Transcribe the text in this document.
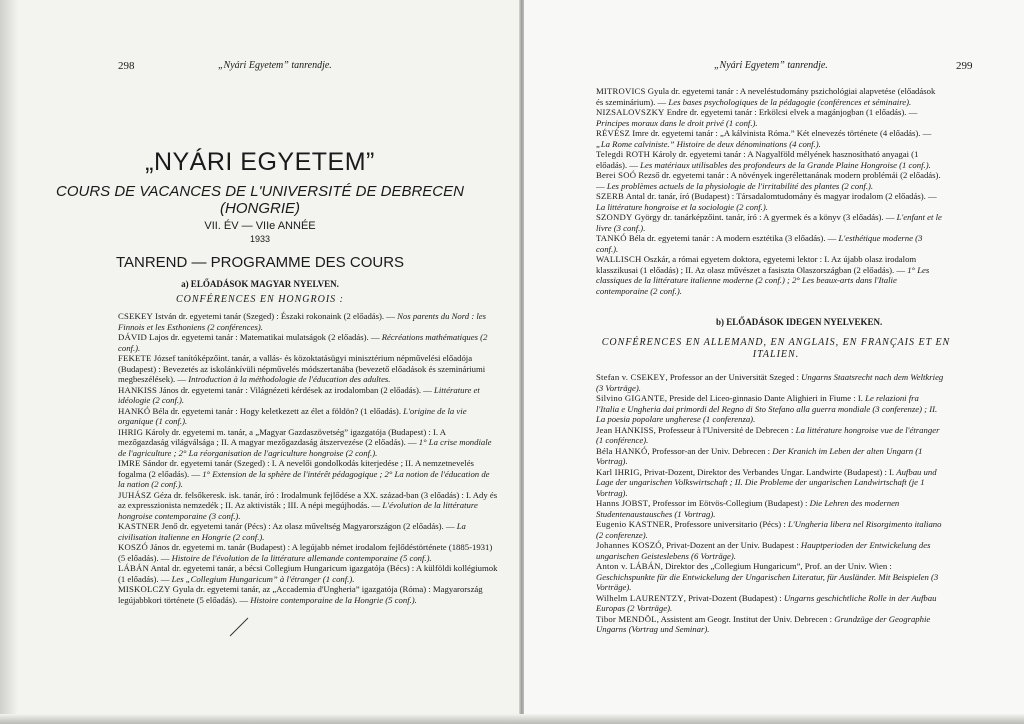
298	„Nyári Egyetem” tanrendje.
„NYÁRI EGYETEM”
COURS DE VACANCES DE L'UNIVERSITÉ DE DEBRECEN
(HONGRIE)
VII. ÉV — VIIe ANNÉE
1933
TANREND — PROGRAMME DES COURS
a) ELŐADÁSOK MAGYAR NYELVEN.
CONFÉRENCES EN HONGROIS :

CSEKEY István dr. egyetemi tanár (Szeged) : Északi rokonaink (2 előadás). — Nos parents du Nord : les Finnois et les Esthoniens (2 conférences).

DÁVID Lajos dr. egyetemi tanár : Matematikai mulatságok (2 előadás). — Récréations mathématiques (2 conf.).

FEKETE József tanítóképzőint. tanár, a vallás- és közoktatásügyi minisztérium népművelési előadója (Budapest) : Bevezetés az iskolánkívüli népművelés módszertanába (bevezető előadások és szemináriumi megbeszélések). — Introduction à la méthodologie de l'éducation des adultes.

HANKISS János dr. egyetemi tanár : Világnézeti kérdések az irodalomban (2 előadás). — Littérature et idéologie (2 conf.).

HANKÓ Béla dr. egyetemi tanár : Hogy keletkezett az élet a földön? (1 előadás). L'origine de la vie organique (1 conf.).

IHRIG Károly dr. egyetemi m. tanár, a „Magyar Gazdaszövetség” igazgatója (Budapest) : I. A mezőgazdaság világválsága ; II. A magyar mezőgazdaság átszervezése (2 előadás). — 1° La crise mondiale de l'agriculture ; 2° La réorganisation de l'agriculture hongroise (2 conf.).

IMRE Sándor dr. egyetemi tanár (Szeged) : I. A nevelői gondolkodás kiterjedése ; II. A nemzetnevelés fogalma (2 előadás). — 1° Extension de la sphère de l'intérêt pédagogique ; 2° La notion de l'éducation de la nation (2 conf.).

JUHÁSZ Géza dr. felsőkeresk. isk. tanár, író : Irodalmunk fejlődése a XX. század-ban (3 előadás) : I. Ady és az expresszionista nemzedék ; II. Az aktivisták ; III. A népi megújhodás. — L'évolution de la littérature hongroise contemporaine (3 conf.).

KASTNER Jenő dr. egyetemi tanár (Pécs) : Az olasz műveltség Magyarországon (2 előadás). — La civilisation italienne en Hongrie (2 conf.).

KOSZÓ János dr. egyetemi m. tanár (Budapest) : A legújabb német irodalom fejlődéstörténete (1885-1931) (5 előadás). — Histoire de l'évolution de la littérature allemande contemporaine (5 conf.).

LÁBÁN Antal dr. egyetemi tanár, a bécsi Collegium Hungaricum igazgatója (Bécs) : A külföldi kollégiumok (1 előadás). — Les „Collegium Hungaricum” à l'étranger (1 conf.).

MISKOLCZY Gyula dr. egyetemi tanár, az „Accademia d'Ungheria” igazgatója (Róma) : Magyarország legújabbkori története (5 előadás). — Histoire contemporaine de la Hongrie (5 conf.).

„Nyári Egyetem” tanrendje.	299

MITROVICS Gyula dr. egyetemi tanár : A neveléstudomány pszichológiai alapvetése (előadások és szeminárium). — Les bases psychologiques de la pédagogie (conférences et séminaire).

NIZSALOVSZKY Endre dr. egyetemi tanár : Erkölcsi elvek a magánjogban (1 előadás). — Principes moraux dans le droit privé (1 conf.).

RÉVÉSZ Imre dr. egyetemi tanár : „A kálvinista Róma.” Két elnevezés története (4 előadás). — „La Rome calviniste.” Histoire de deux dénominations (4 conf.).

Telegdi ROTH Károly dr. egyetemi tanár : A Nagyalföld mélyének hasznosítható anyagai (1 előadás). — Les matériaux utilisables des profondeurs de la Grande Plaine Hongroise (1 conf.).

Berei SOÓ Rezső dr. egyetemi tanár : A növények ingerélettanának modern problémái (2 előadás). — Les problèmes actuels de la physiologie de l'irritabilité des plantes (2 conf.).

SZERB Antal dr. tanár, író (Budapest) : Társadalomtudomány és magyar irodalom (2 előadás). — La littérature hongroise et la sociologie (2 conf.).

SZONDY György dr. tanárképzőint. tanár, író : A gyermek és a könyv (3 előadás). — L'enfant et le livre (3 conf.).

TANKÓ Béla dr. egyetemi tanár : A modern esztétika (3 előadás). — L'esthétique moderne (3 conf.).

WALLISCH Oszkár, a római egyetem doktora, egyetemi lektor : I. Az újabb olasz irodalom klasszikusai (1 előadás) ; II. Az olasz művészet a fasiszta Olaszországban (2 előadás). — 1° Les classiques de la littérature italienne moderne (2 conf.) ; 2° Les beaux-arts dans l'Italie contemporaine (2 conf.).

b) ELŐADÁSOK IDEGEN NYELVEKEN.
CONFÉRENCES EN ALLEMAND, EN ANGLAIS, EN FRANÇAIS ET EN
ITALIEN.

Stefan v. CSEKEY, Professor an der Universität Szeged : Ungarns Staatsrecht nach dem Weltkrieg (3 Vorträge).

Silvino GIGANTE, Preside del Liceo-ginnasio Dante Alighieri in Fiume : I. Le relazioni fra l'Italia e Ungheria dai primordi del Regno di Sto Stefano alla guerra mondiale (3 conferenze) ; II. La poesia popolare ungherese (1 conferenza).

Jean HANKISS, Professeur à l'Université de Debrecen : La littérature hongroise vue de l'étranger (1 conférence).

Béla HANKÓ, Professor-an der Univ. Debrecen : Der Kranich im Leben der alten Ungarn (1 Vortrag).

Karl IHRIG, Privat-Dozent, Direktor des Verbandes Ungar. Landwirte (Budapest) : I. Aufbau und Lage der ungarischen Volkswirtschaft ; II. Die Probleme der ungarischen Landwirtschaft (je 1 Vortrag).

Hanns JOBST, Professor im Eötvös-Collegium (Budapest) : Die Lehren des modernen Studentenaustausches (1 Vortrag).

Eugenio KASTNER, Professore universitario (Pécs) : L'Ungheria libera nel Risorgimento italiano (2 conferenze).

Johannes KOSZÓ, Privat-Dozent an der Univ. Budapest : Hauptperioden der Entwickelung des ungarischen Geisteslebens (6 Vorträge).

Anton v. LÁBÁN, Direktor des „Collegium Hungaricum”, Prof. an der Univ. Wien : Geschichspunkte für die Entwickelung der Ungarischen Literatur, für Ausländer. Mit Beispielen (3 Vorträge).

Wilhelm LAURENTZY, Privat-Dozent (Budapest) : Ungarns geschichtliche Rolle in der Aufbau Europas (2 Vorträge).

Tibor MENDÖL, Assistent am Geogr. Institut der Univ. Debrecen : Grundzüge der Geographie Ungarns (Vortrag und Seminar).
